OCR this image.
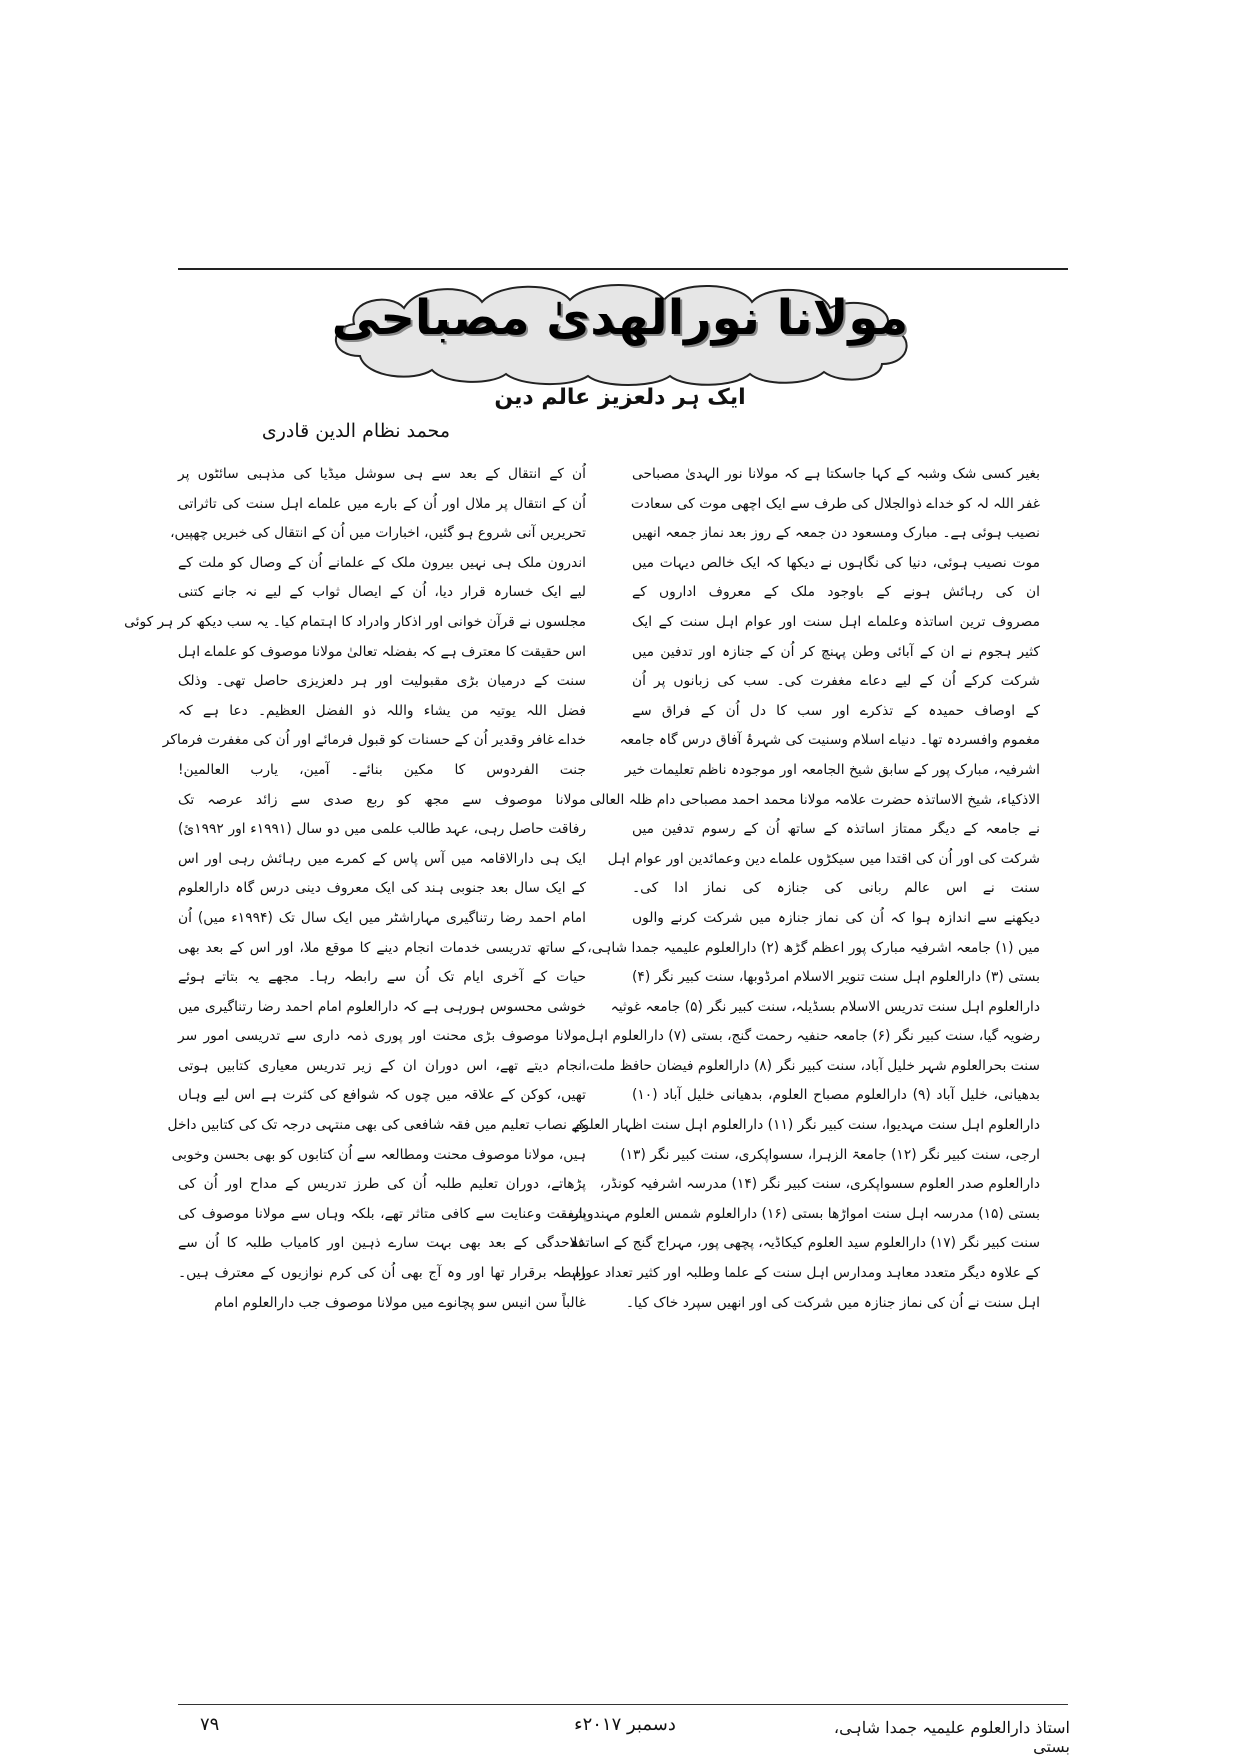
مولانا نورالھدیٰ مصباحی
ایک ہر دلعزیز عالم دین
محمد نظام الدین قادری
بغیر کسی شک وشبہ کے کہا جاسکتا ہے کہ مولانا نور الہدیٰ مصباحی
غفر اللہ لہ کو خداے ذوالجلال کی طرف سے ایک اچھی موت کی سعادت
نصیب ہوئی ہے۔ مبارک ومسعود دن جمعہ کے روز بعد نماز جمعہ انھیں
موت نصیب ہوئی، دنیا کی نگاہوں نے دیکھا کہ ایک خالص دیہات میں
ان کی رہائش ہونے کے باوجود ملک کے معروف اداروں کے
مصروف ترین اساتذہ وعلماے اہل سنت اور عوام اہل سنت کے ایک
کثیر ہجوم نے ان کے آبائی وطن پہنچ کر اُن کے جنازہ اور تدفین میں
شرکت کرکے اُن کے لیے دعاے مغفرت کی۔ سب کی زبانوں پر اُن
کے اوصاف حمیدہ کے تذکرے اور سب کا دل اُن کے فراق سے
مغموم وافسردہ تھا۔ دنیاے اسلام وسنیت کی شہرۂ آفاق درس گاہ جامعہ
اشرفیہ، مبارک پور کے سابق شیخ الجامعہ اور موجودہ ناظم تعلیمات خیر
الاذکیاء، شیخ الاساتذہ حضرت علامہ مولانا محمد احمد مصباحی دام ظلہ العالی
نے جامعہ کے دیگر ممتاز اساتذہ کے ساتھ اُن کے رسوم تدفین میں
شرکت کی اور اُن کی اقتدا میں سیکڑوں علماے دین وعمائدین اور عوام اہل
سنت نے اس عالم ربانی کی جنازہ کی نماز ادا کی۔
دیکھنے سے اندازہ ہوا کہ اُن کی نماز جنازہ میں شرکت کرنے والوں
میں (۱) جامعہ اشرفیہ مبارک پور اعظم گڑھ (۲) دارالعلوم علیمیہ جمدا شاہی،
بستی (۳) دارالعلوم اہل سنت تنویر الاسلام امرڈوبھا، سنت کبیر نگر (۴)
دارالعلوم اہل سنت تدریس الاسلام بسڈیلہ، سنت کبیر نگر (۵) جامعہ غوثیہ
رضویہ گیا، سنت کبیر نگر (۶) جامعہ حنفیہ رحمت گنج، بستی (۷) دارالعلوم اہل
سنت بحرالعلوم شہر خلیل آباد، سنت کبیر نگر (۸) دارالعلوم فیضان حافظ ملت،
بدھیانی، خلیل آباد (۹) دارالعلوم مصباح العلوم، بدھیانی خلیل آباد (۱۰)
دارالعلوم اہل سنت مہدیوا، سنت کبیر نگر (۱۱) دارالعلوم اہل سنت اظہار العلوم
ارجی، سنت کبیر نگر (۱۲) جامعۃ الزہرا، سسواپکری، سنت کبیر نگر (۱۳)
دارالعلوم صدر العلوم سسواپکری، سنت کبیر نگر (۱۴) مدرسہ اشرفیہ کونڈر،
بستی (۱۵) مدرسہ اہل سنت امواڑھا بستی (۱۶) دارالعلوم شمس العلوم مہندوپار،
سنت کبیر نگر (۱۷) دارالعلوم سید العلوم کیکاڈیہ، پچھی پور، مہراج گنج کے اساتذہ
کے علاوہ دیگر متعدد معاہد ومدارس اہل سنت کے علما وطلبہ اور کثیر تعداد عوام
اہل سنت نے اُن کی نماز جنازہ میں شرکت کی اور انھیں سپرد خاک کیا۔
اُن کے انتقال کے بعد سے ہی سوشل میڈیا کی مذہبی سائٹوں پر
اُن کے انتقال پر ملال اور اُن کے بارے میں علماے اہل سنت کی تاثراتی
تحریریں آنی شروع ہو گئیں، اخبارات میں اُن کے انتقال کی خبریں چھپیں،
اندرون ملک ہی نہیں بیرون ملک کے علمانے اُن کے وصال کو ملت کے
لیے ایک خسارہ قرار دیا، اُن کے ایصال ثواب کے لیے نہ جانے کتنی
مجلسوں نے قرآن خوانی اور اذکار وادراد کا اہتمام کیا۔ یہ سب دیکھ کر ہر کوئی
اس حقیقت کا معترف ہے کہ بفضلہ تعالیٰ مولانا موصوف کو علماے اہل
سنت کے درمیان بڑی مقبولیت اور ہر دلعزیزی حاصل تھی۔ وذلک
فضل اللہ یوتیہ من یشاء واللہ ذو الفضل العظیم۔ دعا ہے کہ
خداے غافر وقدیر اُن کے حسنات کو قبول فرمائے اور اُن کی مغفرت فرماکر
جنت الفردوس کا مکین بنائے۔ آمین، یارب العالمین!
مولانا موصوف سے مجھ کو ربع صدی سے زائد عرصہ تک
رفاقت حاصل رہی، عہد طالب علمی میں دو سال (۱۹۹۱ء اور ۱۹۹۲ئ)
ایک ہی دارالاقامہ میں آس پاس کے کمرے میں رہائش رہی اور اس
کے ایک سال بعد جنوبی ہند کی ایک معروف دینی درس گاہ دارالعلوم
امام احمد رضا رتناگیری مہاراشٹر میں ایک سال تک (۱۹۹۴ء میں) اُن
کے ساتھ تدریسی خدمات انجام دینے کا موقع ملا، اور اس کے بعد بھی
حیات کے آخری ایام تک اُن سے رابطہ رہا۔ مجھے یہ بتاتے ہوئے
خوشی محسوس ہورہی ہے کہ دارالعلوم امام احمد رضا رتناگیری میں
مولانا موصوف بڑی محنت اور پوری ذمہ داری سے تدریسی امور سر
انجام دیتے تھے، اس دوران ان کے زیر تدریس معیاری کتابیں ہوتی
تھیں، کوکن کے علاقہ میں چوں کہ شوافع کی کثرت ہے اس لیے وہاں
کے نصاب تعلیم میں فقہ شافعی کی بھی منتہی درجہ تک کی کتابیں داخل
ہیں، مولانا موصوف محنت ومطالعہ سے اُن کتابوں کو بھی بحسن وخوبی
پڑھاتے، دوران تعلیم طلبہ اُن کی طرز تدریس کے مداح اور اُن کی
شفقت وعنایت سے کافی متاثر تھے، بلکہ وہاں سے مولانا موصوف کی
علاحدگی کے بعد بھی بہت سارے ذہین اور کامیاب طلبہ کا اُن سے
رابطہ برقرار تھا اور وہ آج بھی اُن کی کرم نوازیوں کے معترف ہیں۔
غالباً سن انیس سو پچانوے میں مولانا موصوف جب دارالعلوم امام
۷۹	دسمبر ۲۰۱۷ء	استاذ دارالعلوم علیمیہ جمدا شاہی، بستی
